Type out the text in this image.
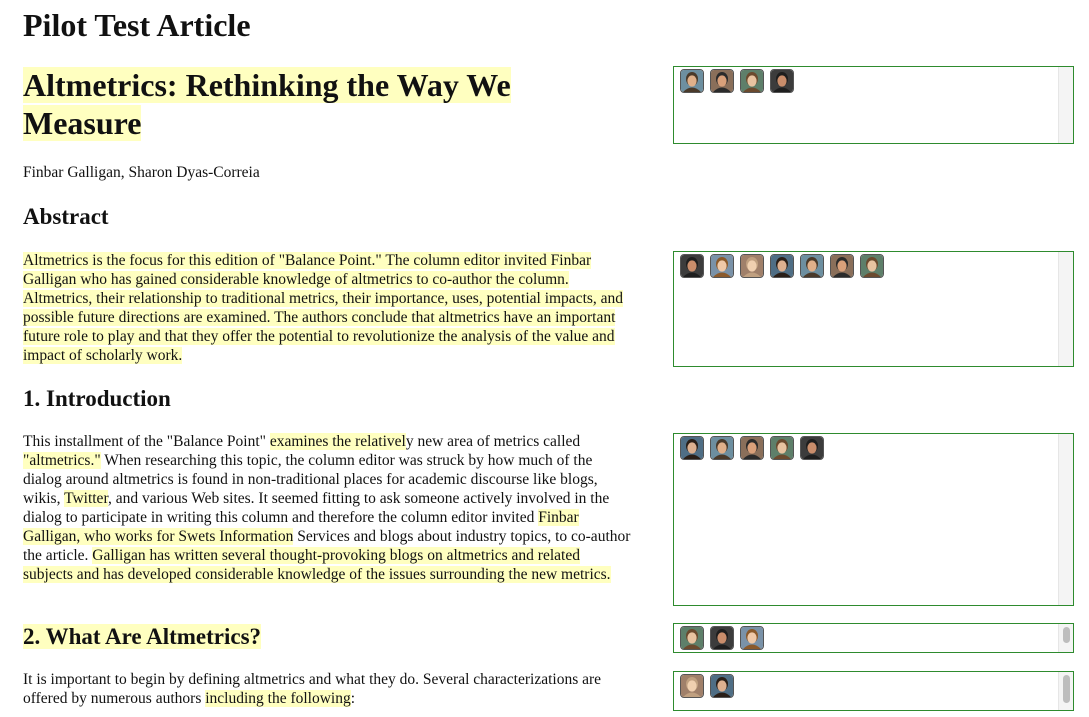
Pilot Test Article
Altmetrics: Rethinking the Way We Measure

Finbar Galligan, Sharon Dyas-Correia

Abstract

Altmetrics is the focus for this edition of "Balance Point." The column editor invited Finbar Galligan who has gained considerable knowledge of altmetrics to co-author the column. Altmetrics, their relationship to traditional metrics, their importance, uses, potential impacts, and possible future directions are examined. The authors conclude that altmetrics have an important future role to play and that they offer the potential to revolutionize the analysis of the value and impact of scholarly work.

1. Introduction

This installment of the "Balance Point" examines the relatively new area of metrics called "altmetrics." When researching this topic, the column editor was struck by how much of the dialog around altmetrics is found in non-traditional places for academic discourse like blogs, wikis, Twitter, and various Web sites. It seemed fitting to ask someone actively involved in the dialog to participate in writing this column and therefore the column editor invited Finbar Galligan, who works for Swets Information Services and blogs about industry topics, to co-author the article. Galligan has written several thought-provoking blogs on altmetrics and related subjects and has developed considerable knowledge of the issues surrounding the new metrics.

2. What Are Altmetrics?

It is important to begin by defining altmetrics and what they do. Several characterizations are offered by numerous authors including the following:
